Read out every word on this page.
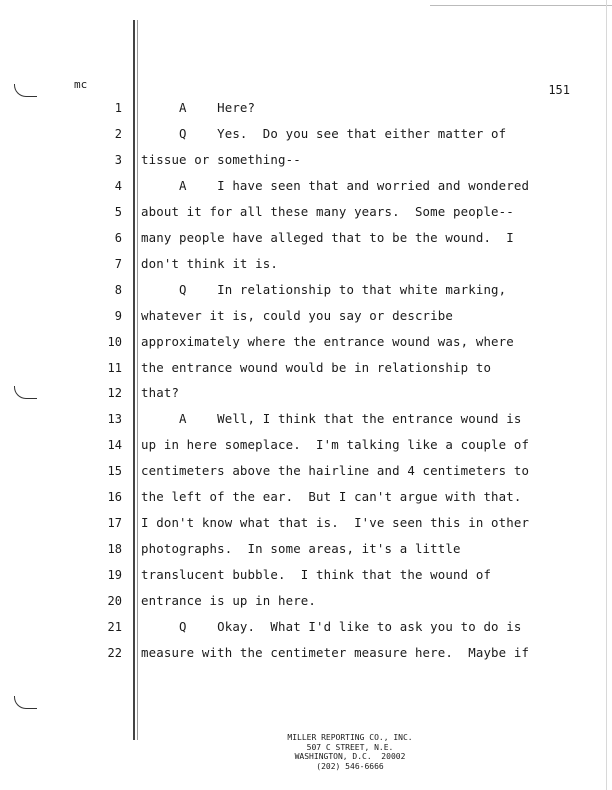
mc	151
1 A    Here?
2 Q    Yes.  Do you see that either matter of
3 tissue or something--
4 A    I have seen that and worried and wondered
5 about it for all these many years.  Some people--
6 many people have alleged that to be the wound.  I
7 don't think it is.
8 Q    In relationship to that white marking,
9 whatever it is, could you say or describe
10 approximately where the entrance wound was, where
11 the entrance wound would be in relationship to
12 that?
13 A    Well, I think that the entrance wound is
14 up in here someplace.  I'm talking like a couple of
15 centimeters above the hairline and 4 centimeters to
16 the left of the ear.  But I can't argue with that.
17 I don't know what that is.  I've seen this in other
18 photographs.  In some areas, it's a little
19 translucent bubble.  I think that the wound of
20 entrance is up in here.
21 Q    Okay.  What I'd like to ask you to do is
22 measure with the centimeter measure here.  Maybe if
MILLER REPORTING CO., INC.
507 C STREET, N.E.
WASHINGTON, D.C.  20002
(202) 546-6666
